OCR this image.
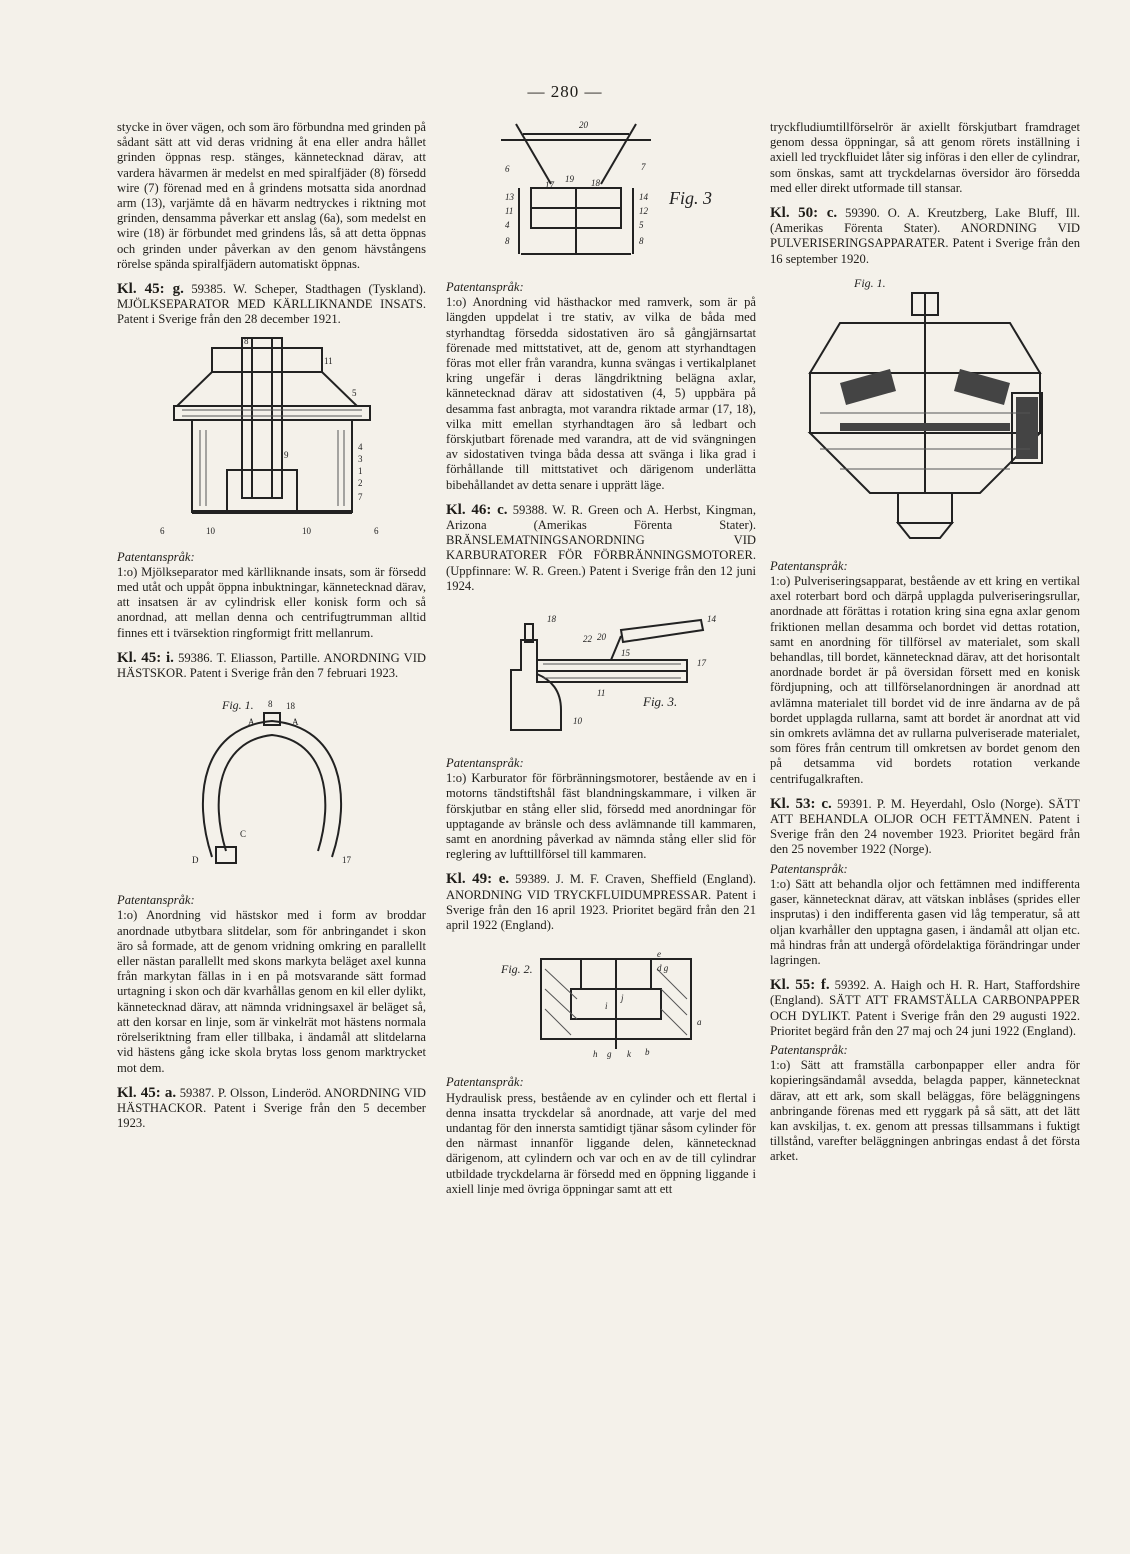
— 280 —

stycke in över vägen, och som äro förbundna med grinden på sådant sätt att vid deras vridning åt ena eller andra hållet grinden öppnas resp. stänges, kännetecknad därav, att vardera hävarmen är medelst en med spiralfjäder (8) försedd wire (7) förenad med en å grindens motsatta sida anordnad arm (13), varjämte då en hävarm nedtryckes i riktning mot grinden, densamma påverkar ett anslag (6a), som medelst en wire (18) är förbundet med grindens lås, så att detta öppnas och grinden under påverkan av den genom hävstångens rörelse spända spiralfjädern automatiskt öppnas.

Kl. 45: g. 59385. W. Scheper, Stadthagen (Tyskland). MJÖLKSEPARATOR MED KÄRLLIKNANDE INSATS. Patent i Sverige från den 28 december 1921.

8
11
5
4
3
1
2
7
9
6	10	10	6

Patentanspråk:

1:o) Mjölkseparator med kärlliknande insats, som är försedd med utåt och uppåt öppna inbuktningar, kännetecknad därav, att insatsen är av cylindrisk eller konisk form och så anordnad, att mellan denna och centrifugtrumman alltid finnes ett i tvärsektion ringformigt fritt mellanrum.

Kl. 45: i. 59386. T. Eliasson, Partille. ANORDNING VID HÄSTSKOR. Patent i Sverige från den 7 februari 1923.

Fig. 1. 8 18
A	A
D	17
C

Patentanspråk:

1:o) Anordning vid hästskor med i form av broddar anordnade utbytbara slitdelar, som för anbringandet i skon äro så formade, att de genom vridning omkring en parallellt eller nästan parallellt med skons markyta beläget axel kunna från markytan fällas in i en på motsvarande sätt formad urtagning i skon och där kvarhållas genom en kil eller dylikt, kännetecknad därav, att nämnda vridningsaxel är beläget så, att den korsar en linje, som är vinkelrät mot hästens normala rörelseriktning fram eller tillbaka, i ändamål att slitdelarna vid hästens gång icke skola brytas loss genom marktrycket mot dem.

Kl. 45: a. 59387. P. Olsson, Linderöd. ANORDNING VID HÄSTHACKOR. Patent i Sverige från den 5 december 1923.

20
6	7
17
19 18
13	14
11	12
4	5
8	8
Fig. 3

Patentanspråk:

1:o) Anordning vid hästhackor med ramverk, som är på längden uppdelat i tre stativ, av vilka de båda med styrhandtag försedda sidostativen äro så gångjärnsartat förenade med mittstativet, att de, genom att styrhandtagen föras mot eller från varandra, kunna svängas i vertikalplanet kring ungefär i deras längdriktning belägna axlar, kännetecknad därav att sidostativen (4, 5) uppbära på desamma fast anbragta, mot varandra riktade armar (17, 18), vilka mitt emellan styrhandtagen äro så ledbart och förskjutbart förenade med varandra, att de vid svängningen av sidostativen tvinga båda dessa att svänga i lika grad i förhållande till mittstativet och därigenom underlätta bibehållandet av detta senare i upprätt läge.

Kl. 46: c. 59388. W. R. Green och A. Herbst, Kingman, Arizona (Amerikas Förenta Stater). BRÄNSLEMATNINGSANORDNING VID KARBURATORER FÖR FÖRBRÄNNINGSMOTORER. (Uppfinnare: W. R. Green.) Patent i Sverige från den 12 juni 1924.

18
22 20
14
15
17
11
10
Fig. 3.

Patentanspråk:

1:o) Karburator för förbränningsmotorer, bestående av en i motorns tändstiftshål fäst blandningskammare, i vilken är förskjutbar en stång eller slid, försedd med anordningar för upptagande av bränsle och dess avlämnande till kammaren, samt en anordning påverkad av nämnda stång eller slid för reglering av lufttillförsel till kammaren.

Kl. 49: e. 59389. J. M. F. Craven, Sheffield (England). ANORDNING VID TRYCKFLUIDUMPRESSAR. Patent i Sverige från den 16 april 1923. Prioritet begärd från den 21 april 1922 (England).

e
d g
j
i
h g k b
a
Fig. 2.

Patentanspråk:

Hydraulisk press, bestående av en cylinder och ett flertal i denna insatta tryckdelar så anordnade, att varje del med undantag för den innersta samtidigt tjänar såsom cylinder för den närmast innanför liggande delen, kännetecknad därigenom, att cylindern och var och en av de till cylindrar utbildade tryckdelarna är försedd med en öppning liggande i axiell linje med övriga öppningar samt att ett

tryckfludiumtillförselrör är axiellt förskjutbart framdraget genom dessa öppningar, så att genom rörets inställning i axiell led tryckfluidet låter sig införas i den eller de cylindrar, som önskas, samt att tryckdelarnas översidor äro försedda med eller direkt utformade till stansar.

Kl. 50: c. 59390. O. A. Kreutzberg, Lake Bluff, Ill. (Amerikas Förenta Stater). ANORDNING VID PULVERISERINGSAPPARATER. Patent i Sverige från den 16 september 1920.

Fig. 1.

Patentanspråk:

1:o) Pulveriseringsapparat, bestående av ett kring en vertikal axel roterbart bord och därpå upplagda pulveriseringsrullar, anordnade att förättas i rotation kring sina egna axlar genom friktionen mellan desamma och bordet vid dettas rotation, samt en anordning för tillförsel av materialet, som skall behandlas, till bordet, kännetecknad därav, att det horisontalt anordnade bordet är på översidan försett med en konisk fördjupning, och att tillförselanordningen är anordnad att avlämna materialet till bordet vid de inre ändarna av de på bordet upplagda rullarna, samt att bordet är anordnat att vid sin omkrets avlämna det av rullarna pulveriserade materialet, som föres från centrum till omkretsen av bordet genom den på detsamma vid bordets rotation verkande centrifugalkraften.

Kl. 53: c. 59391. P. M. Heyerdahl, Oslo (Norge). SÄTT ATT BEHANDLA OLJOR OCH FETTÄMNEN. Patent i Sverige från den 24 november 1923. Prioritet begärd från den 25 november 1922 (Norge).

Patentanspråk:

1:o) Sätt att behandla oljor och fettämnen med indifferenta gaser, kännetecknat därav, att vätskan inblåses (sprides eller insprutas) i den indifferenta gasen vid låg temperatur, så att oljan kvarhåller den upptagna gasen, i ändamål att oljan etc. må hindras från att undergå ofördelaktiga förändringar under lagringen.

Kl. 55: f. 59392. A. Haigh och H. R. Hart, Staffordshire (England). SÄTT ATT FRAMSTÄLLA CARBONPAPPER OCH DYLIKT. Patent i Sverige från den 29 augusti 1922. Prioritet begärd från den 27 maj och 24 juni 1922 (England).

Patentanspråk:

1:o) Sätt att framställa carbonpapper eller andra för kopieringsändamål avsedda, belagda papper, kännetecknat därav, att ett ark, som skall beläggas, före beläggningens anbringande förenas med ett ryggark på så sätt, att det lätt kan avskiljas, t. ex. genom att pressas tillsammans i fuktigt tillstånd, varefter beläggningen anbringas endast å det första arket.
